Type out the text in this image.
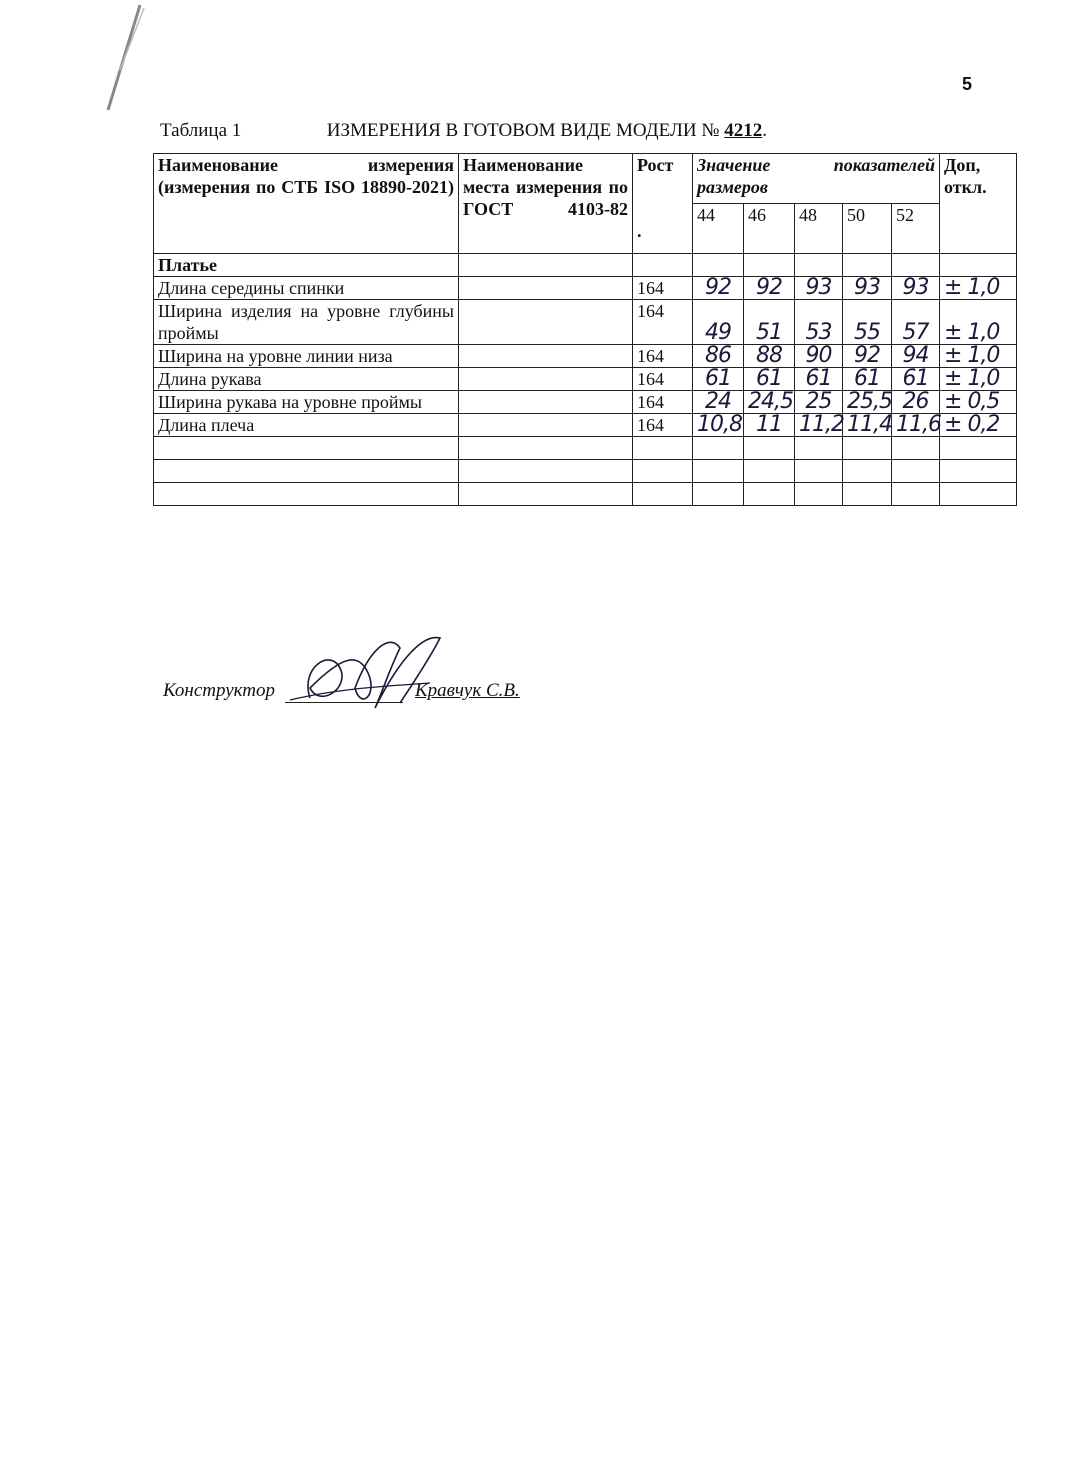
5
Таблица 1	ИЗМЕРЕНИЯ В ГОТОВОМ ВИДЕ МОДЕЛИ № 4212.
Наименование измерения (измерения по СТБ ISO 18890-2021)	Наименование места измерения по ГОСТ 4103-82	Рост
.	Значение показателей размеров					Доп, откл.
			44	46	48	50	52	
Платье								
Длина середины спинки		164	92	92	93	93	93	± 1,0
Ширина изделия на уровне глубины проймы		164	49	51	53	55	57	± 1,0
Ширина на уровне линии низа		164	86	88	90	92	94	± 1,0
Длина рукава		164	61	61	61	61	61	± 1,0
Ширина рукава на уровне проймы		164	24	24,5	25	25,5	26	± 0,5
Длина плеча		164	10,8	11	11,2	11,4	11,6	± 0,2

Конструктор	Кравчук С.В.
